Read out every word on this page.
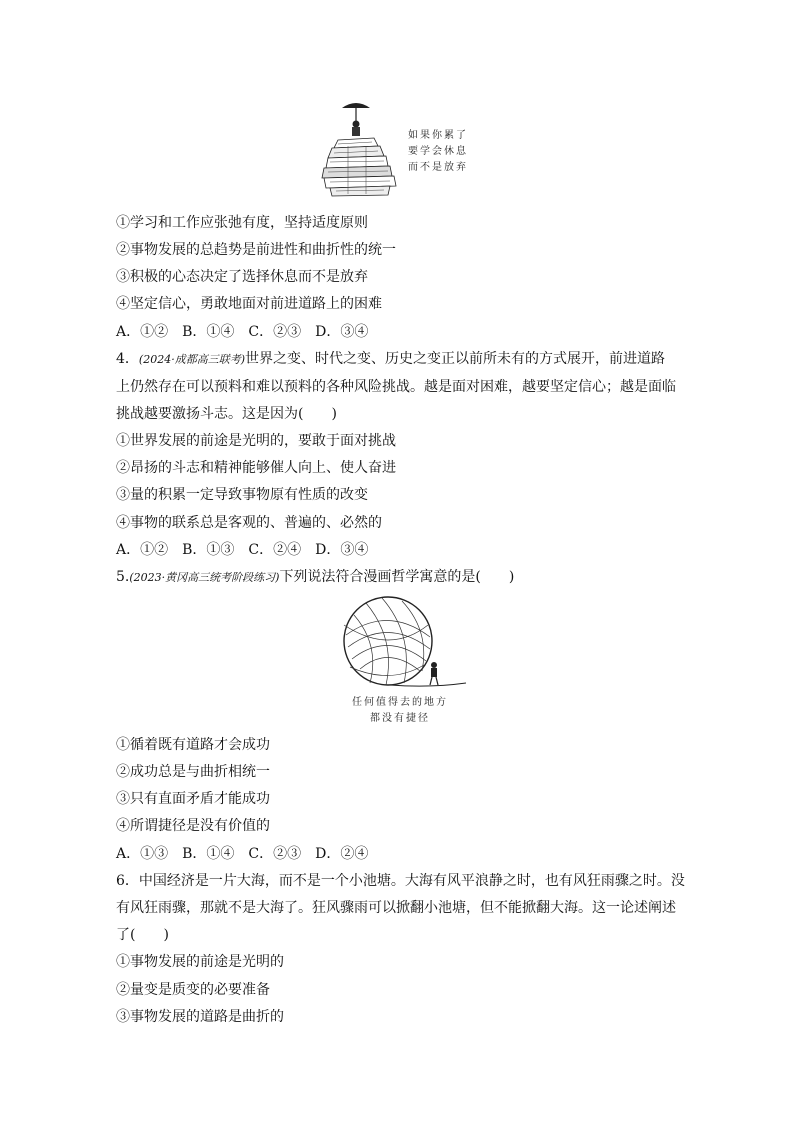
如果你累了
要学会休息
而不是放弃
①学习和工作应张弛有度，坚持适度原则
②事物发展的总趋势是前进性和曲折性的统一
③积极的心态决定了选择休息而不是放弃
④坚定信心，勇敢地面对前进道路上的困难
A．①②　B．①④　C．②③　D．③④
4．(2024·成都高三联考)世界之变、时代之变、历史之变正以前所未有的方式展开，前进道路
上仍然存在可以预料和难以预料的各种风险挑战。越是面对困难，越要坚定信心；越是面临
挑战越要激扬斗志。这是因为(　　)
①世界发展的前途是光明的，要敢于面对挑战
②昂扬的斗志和精神能够催人向上、使人奋进
③量的积累一定导致事物原有性质的改变
④事物的联系总是客观的、普遍的、必然的
A．①②　B．①③　C．②④　D．③④
5.(2023·黄冈高三统考阶段练习)下列说法符合漫画哲学寓意的是(　　)
任何值得去的地方
都没有捷径
①循着既有道路才会成功
②成功总是与曲折相统一
③只有直面矛盾才能成功
④所谓捷径是没有价值的
A．①③　B．①④　C．②③　D．②④
6．中国经济是一片大海，而不是一个小池塘。大海有风平浪静之时，也有风狂雨骤之时。没
有风狂雨骤，那就不是大海了。狂风骤雨可以掀翻小池塘，但不能掀翻大海。这一论述阐述
了(　　)
①事物发展的前途是光明的
②量变是质变的必要准备
③事物发展的道路是曲折的
